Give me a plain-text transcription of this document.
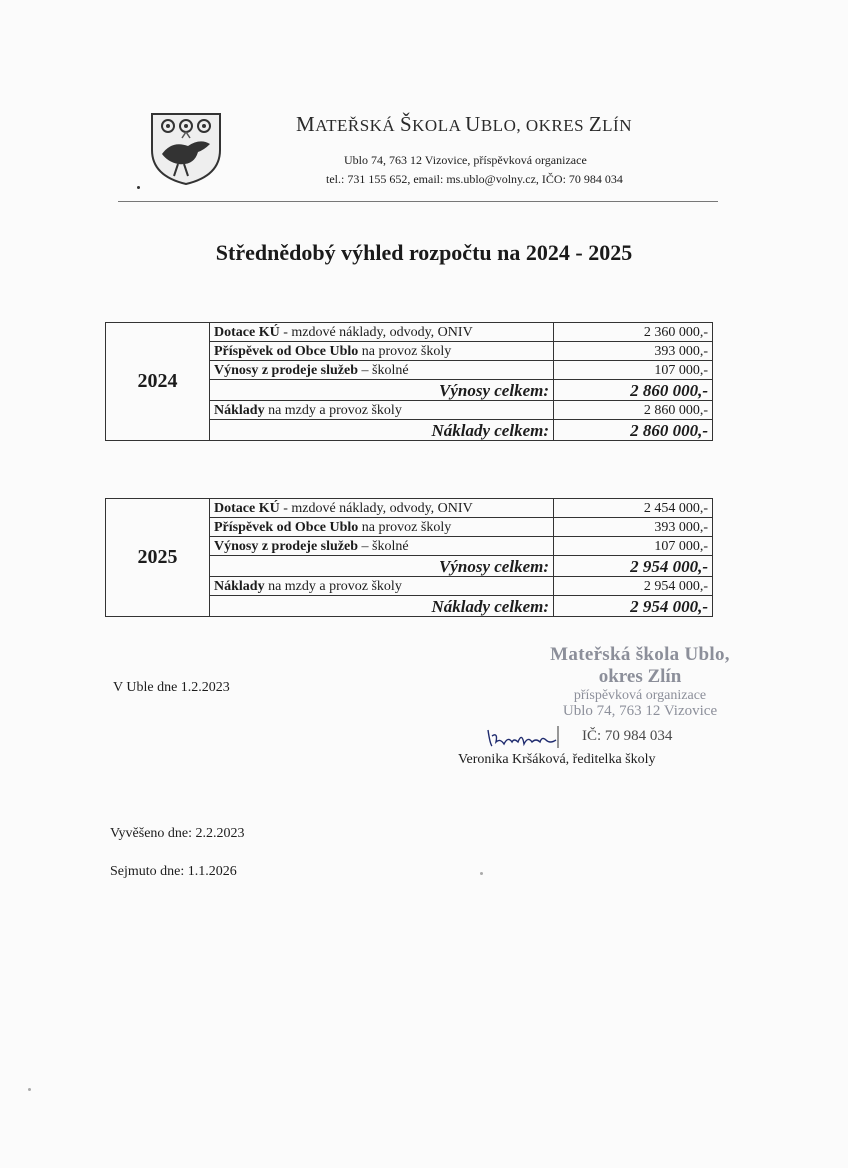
MATEŘSKÁ ŠKOLA UBLO, OKRES ZLÍN
Ublo 74, 763 12 Vizovice, příspěvková organizace
tel.: 731 155 652, email: ms.ublo@volny.cz, IČO: 70 984 034
Střednědobý výhled rozpočtu na 2024 - 2025
2024	Dotace KÚ - mzdové náklady, odvody, ONIV	2 360 000,-
	Příspěvek od Obce Ublo na provoz školy	393 000,-
	Výnosy z prodeje služeb – školné	107 000,-
	Výnosy celkem:	2 860 000,-
	Náklady na mzdy a provoz školy	2 860 000,-
	Náklady celkem:	2 860 000,-
2025	Dotace KÚ - mzdové náklady, odvody, ONIV	2 454 000,-
	Příspěvek od Obce Ublo na provoz školy	393 000,-
	Výnosy z prodeje služeb – školné	107 000,-
	Výnosy celkem:	2 954 000,-
	Náklady na mzdy a provoz školy	2 954 000,-
	Náklady celkem:	2 954 000,-
V Uble dne 1.2.2023
Mateřská škola Ublo,
okres Zlín
příspěvková organizace
Ublo 74, 763 12 Vizovice
IČ: 70 984 034
Veronika Kršáková, ředitelka školy
Vyvěšeno dne: 2.2.2023
Sejmuto dne: 1.1.2026
